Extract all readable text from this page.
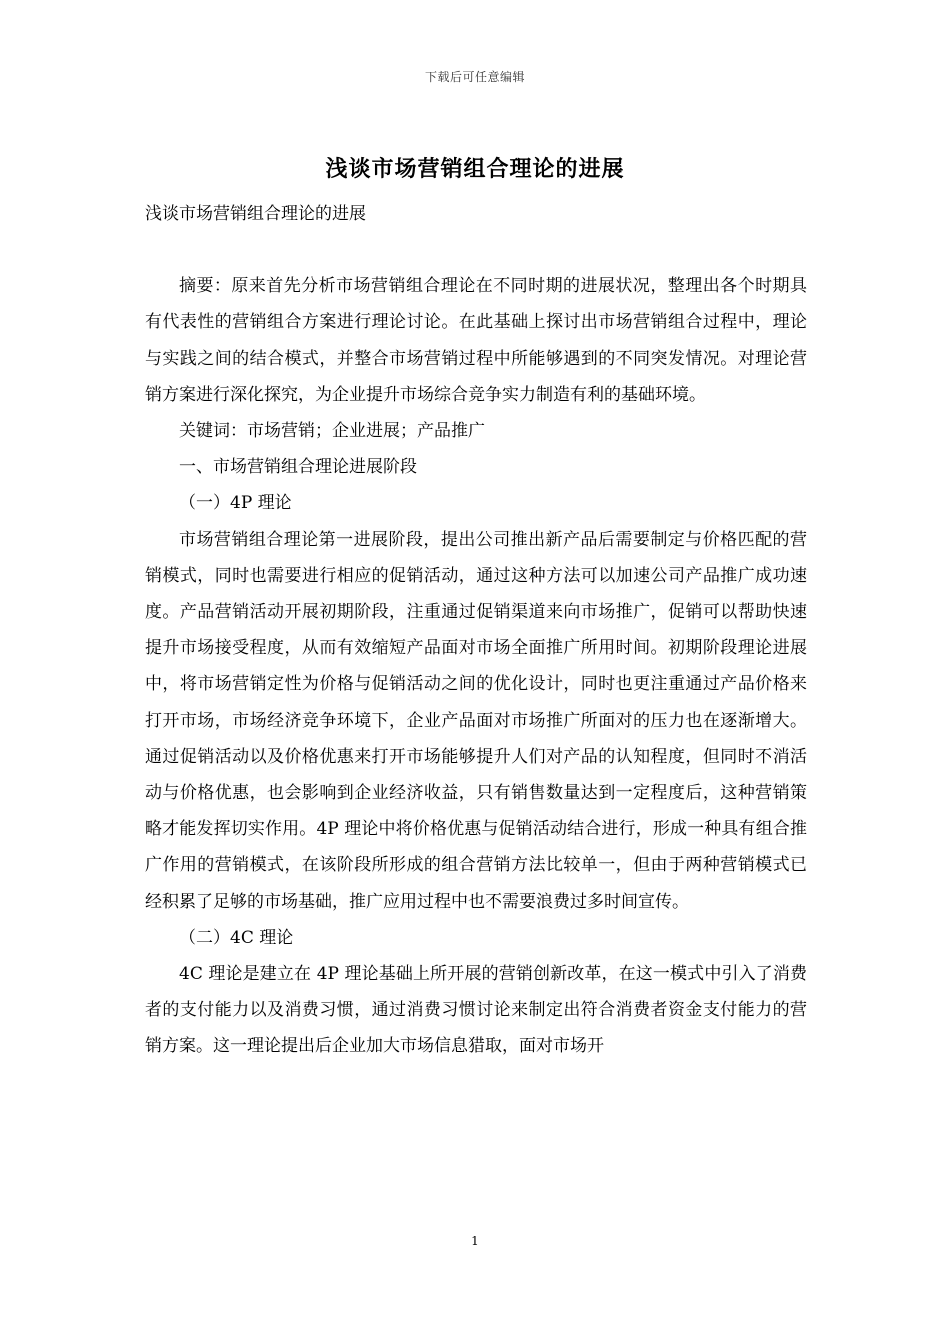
下载后可任意编辑
浅谈市场营销组合理论的进展

浅谈市场营销组合理论的进展

摘要：原来首先分析市场营销组合理论在不同时期的进展状况，整理出各个时期具有代表性的营销组合方案进行理论讨论。在此基础上探讨出市场营销组合过程中，理论与实践之间的结合模式，并整合市场营销过程中所能够遇到的不同突发情况。对理论营销方案进行深化探究，为企业提升市场综合竞争实力制造有利的基础环境。

关键词：市场营销；企业进展；产品推广

一、市场营销组合理论进展阶段

（一）4P 理论

市场营销组合理论第一进展阶段，提出公司推出新产品后需要制定与价格匹配的营销模式，同时也需要进行相应的促销活动，通过这种方法可以加速公司产品推广成功速度。产品营销活动开展初期阶段，注重通过促销渠道来向市场推广，促销可以帮助快速提升市场接受程度，从而有效缩短产品面对市场全面推广所用时间。初期阶段理论进展中，将市场营销定性为价格与促销活动之间的优化设计，同时也更注重通过产品价格来打开市场，市场经济竞争环境下，企业产品面对市场推广所面对的压力也在逐渐增大。通过促销活动以及价格优惠来打开市场能够提升人们对产品的认知程度，但同时不消活动与价格优惠，也会影响到企业经济收益，只有销售数量达到一定程度后，这种营销策略才能发挥切实作用。4P 理论中将价格优惠与促销活动结合进行，形成一种具有组合推广作用的营销模式，在该阶段所形成的组合营销方法比较单一，但由于两种营销模式已经积累了足够的市场基础，推广应用过程中也不需要浪费过多时间宣传。

（二）4C 理论

4C 理论是建立在 4P 理论基础上所开展的营销创新改革，在这一模式中引入了消费者的支付能力以及消费习惯，通过消费习惯讨论来制定出符合消费者资金支付能力的营销方案。这一理论提出后企业加大市场信息猎取，面对市场开

1
